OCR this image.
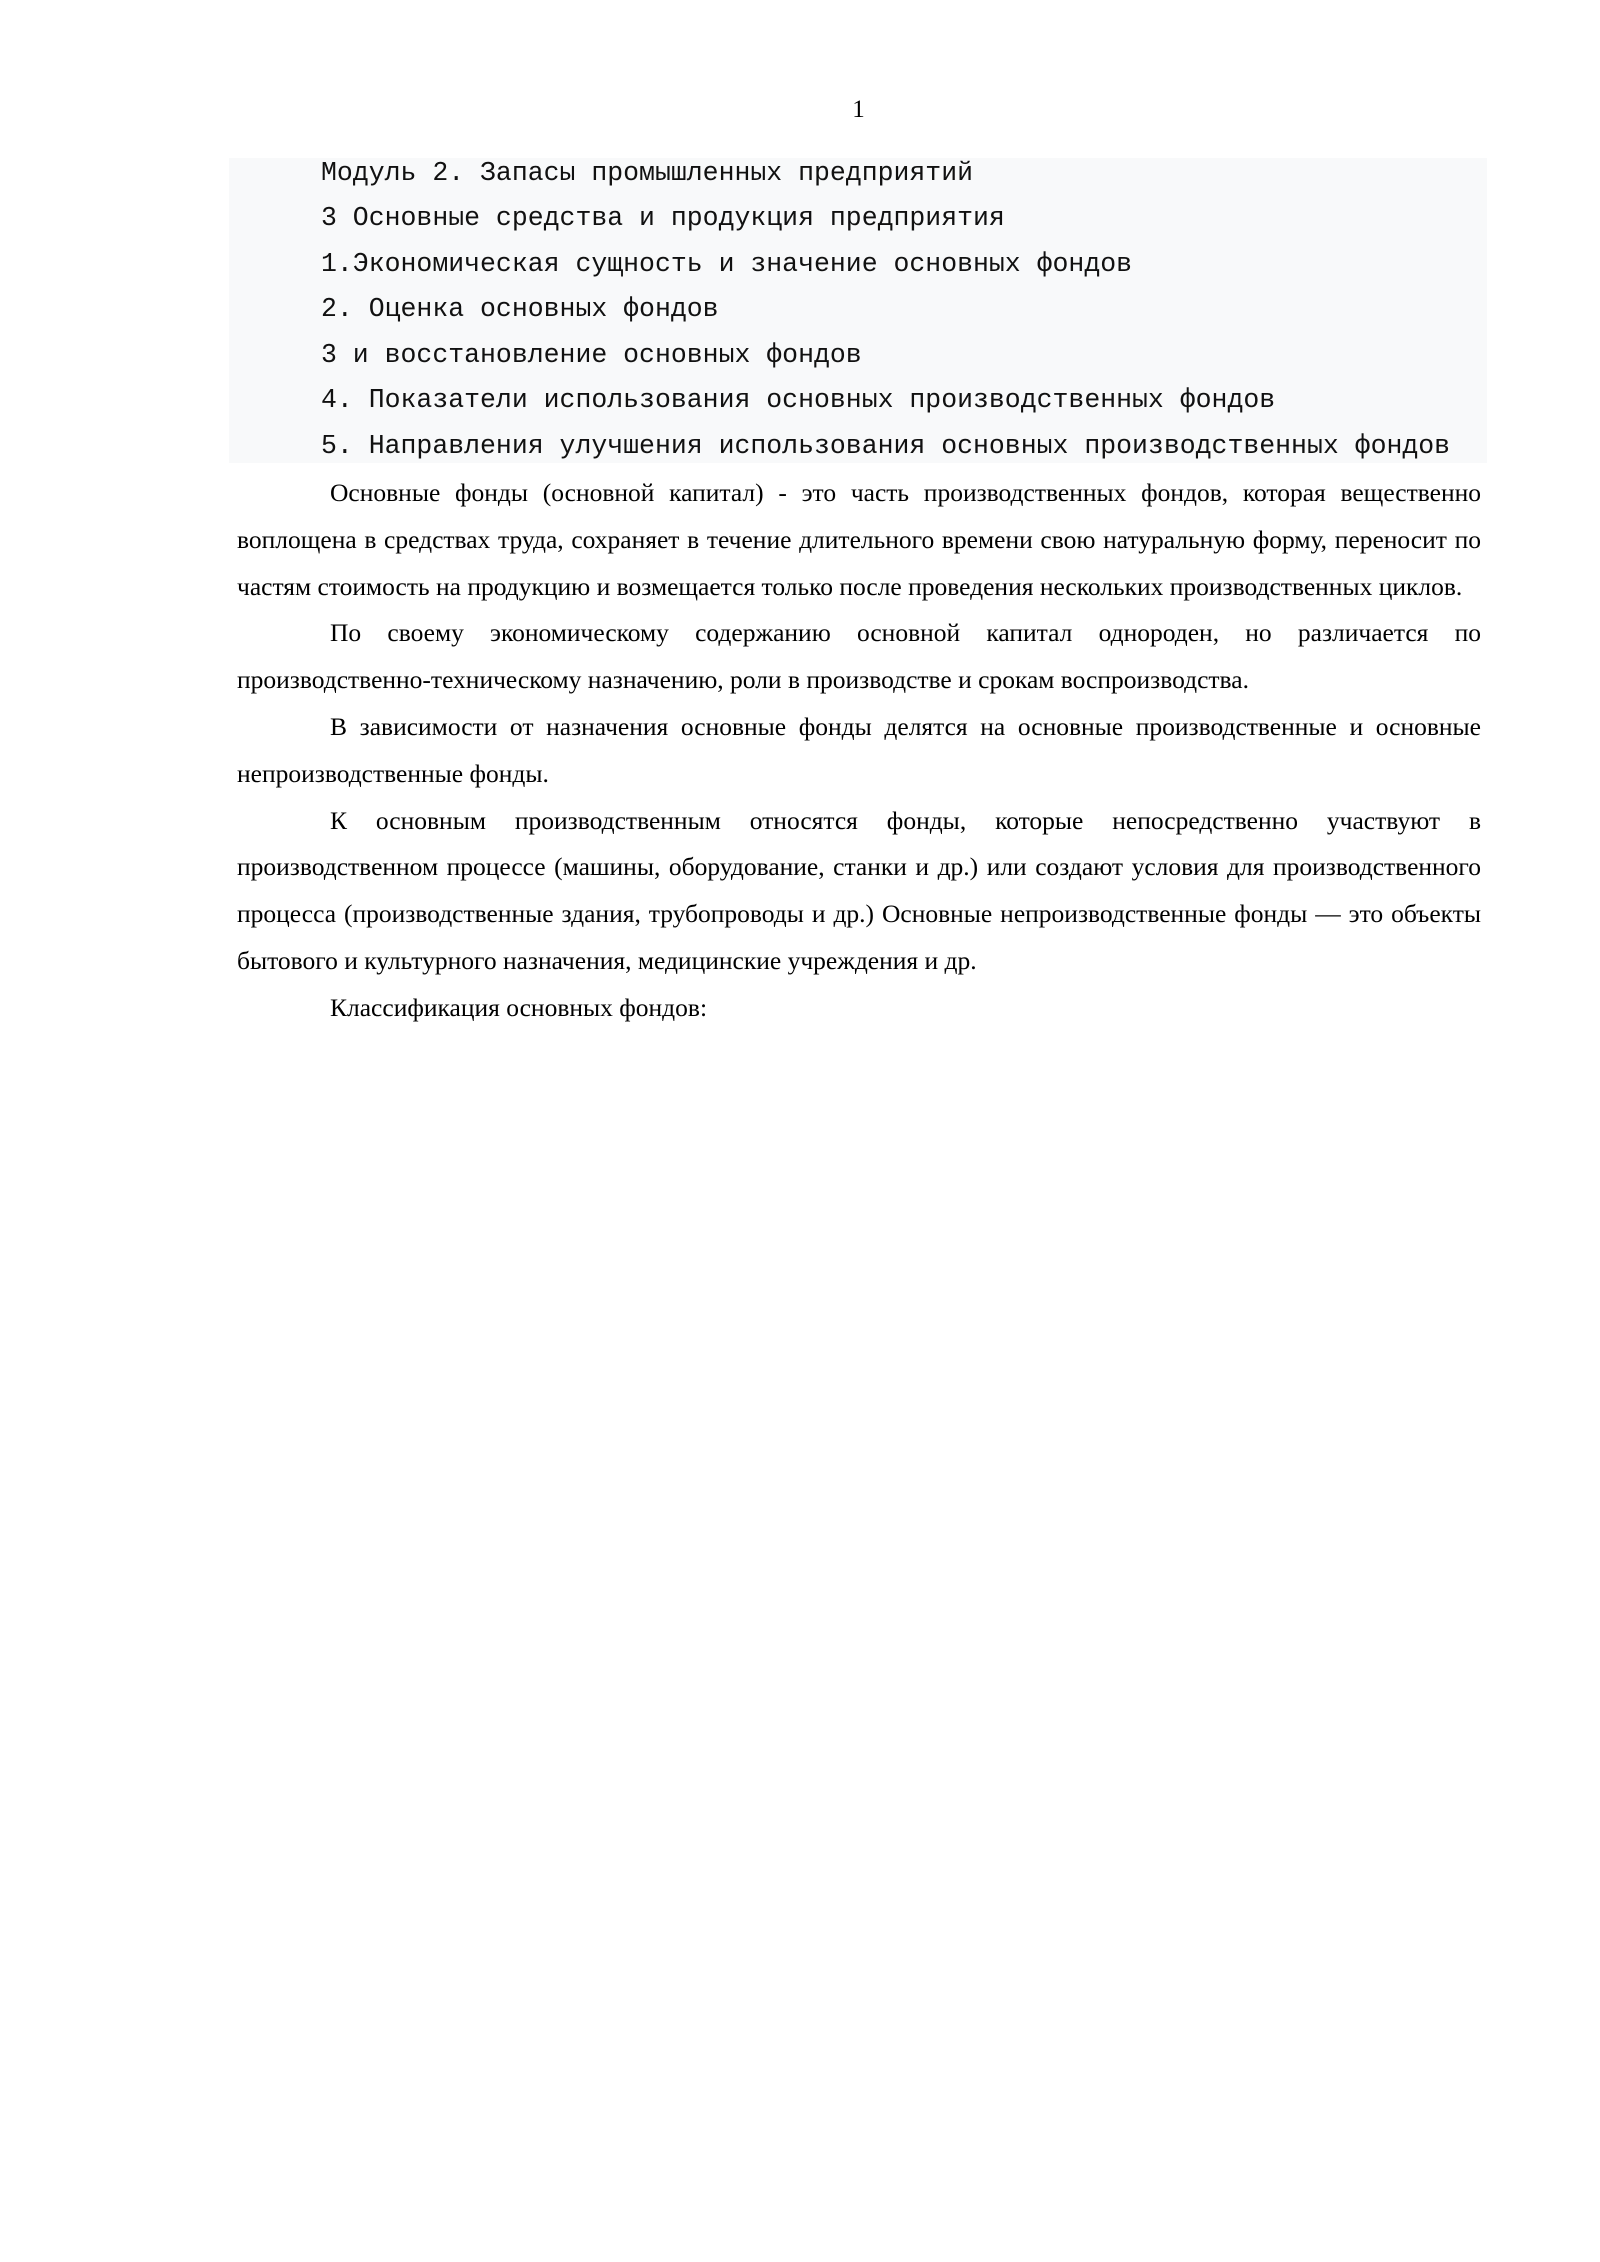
1
Модуль 2. Запасы промышленных предприятий
3 Основные средства и продукция предприятия
1.Экономическая сущность и значение основных фондов
2. Оценка основных фондов
3 и восстановление основных фондов
4. Показатели использования основных производственных фондов
5. Направления улучшения использования основных производственных фондов

Основные фонды (основной капитал) - это часть производственных фондов, которая вещественно воплощена в средствах труда, сохраняет в течение длительного времени свою натуральную форму, переносит по частям стоимость на продукцию и возмещается только после проведения нескольких производственных циклов.

По своему экономическому содержанию основной капитал однороден, но различается по производственно-техническому назначению, роли в производстве и срокам воспроизводства.

В зависимости от назначения основные фонды делятся на основные производственные и основные непроизводственные фонды.

К основным производственным относятся фонды, которые непосредственно участвуют в производственном процессе (машины, оборудование, станки и др.) или создают условия для производственного процесса (производственные здания, трубопроводы и др.) Основные непроизводственные фонды — это объекты бытового и культурного назначения, медицинские учреждения и др.

Классификация основных фондов:
